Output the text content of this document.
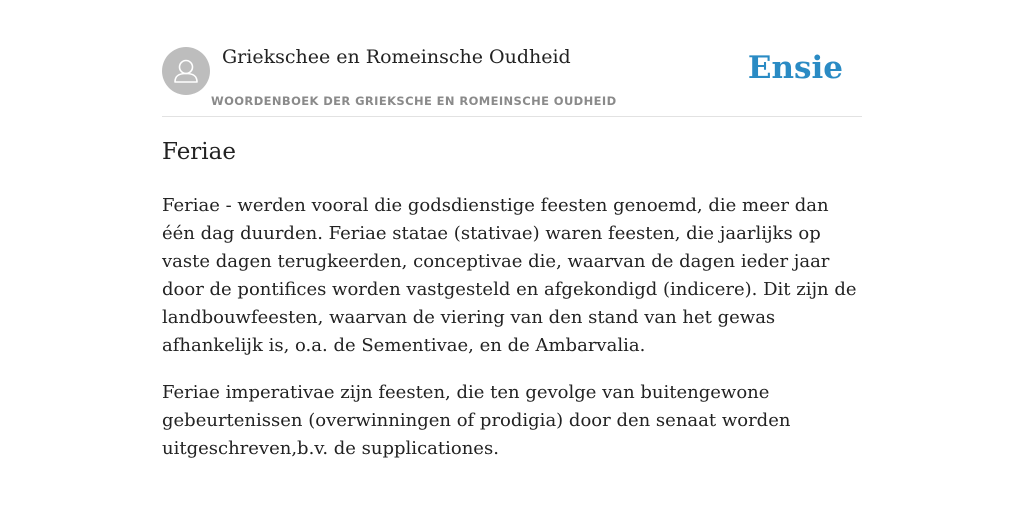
Griekschee en Romeinsche Oudheid
WOORDENBOEK DER GRIEKSCHE EN ROMEINSCHE OUDHEID
Ensie
Feriae

Feriae - werden vooral die godsdienstige feesten genoemd, die meer dan één dag duurden. Feriae statae (stativae) waren feesten, die jaarlijks op vaste dagen terugkeerden, conceptivae die, waarvan de dagen ieder jaar door de pontifices worden vastgesteld en afgekondigd (indicere). Dit zijn de landbouwfeesten, waarvan de viering van den stand van het gewas afhankelijk is, o.a. de Sementivae, en de Ambarvalia.

Feriae imperativae zijn feesten, die ten gevolge van buitengewone gebeurtenissen (overwinningen of prodigia) door den senaat worden uitgeschreven,b.v. de supplicationes.
